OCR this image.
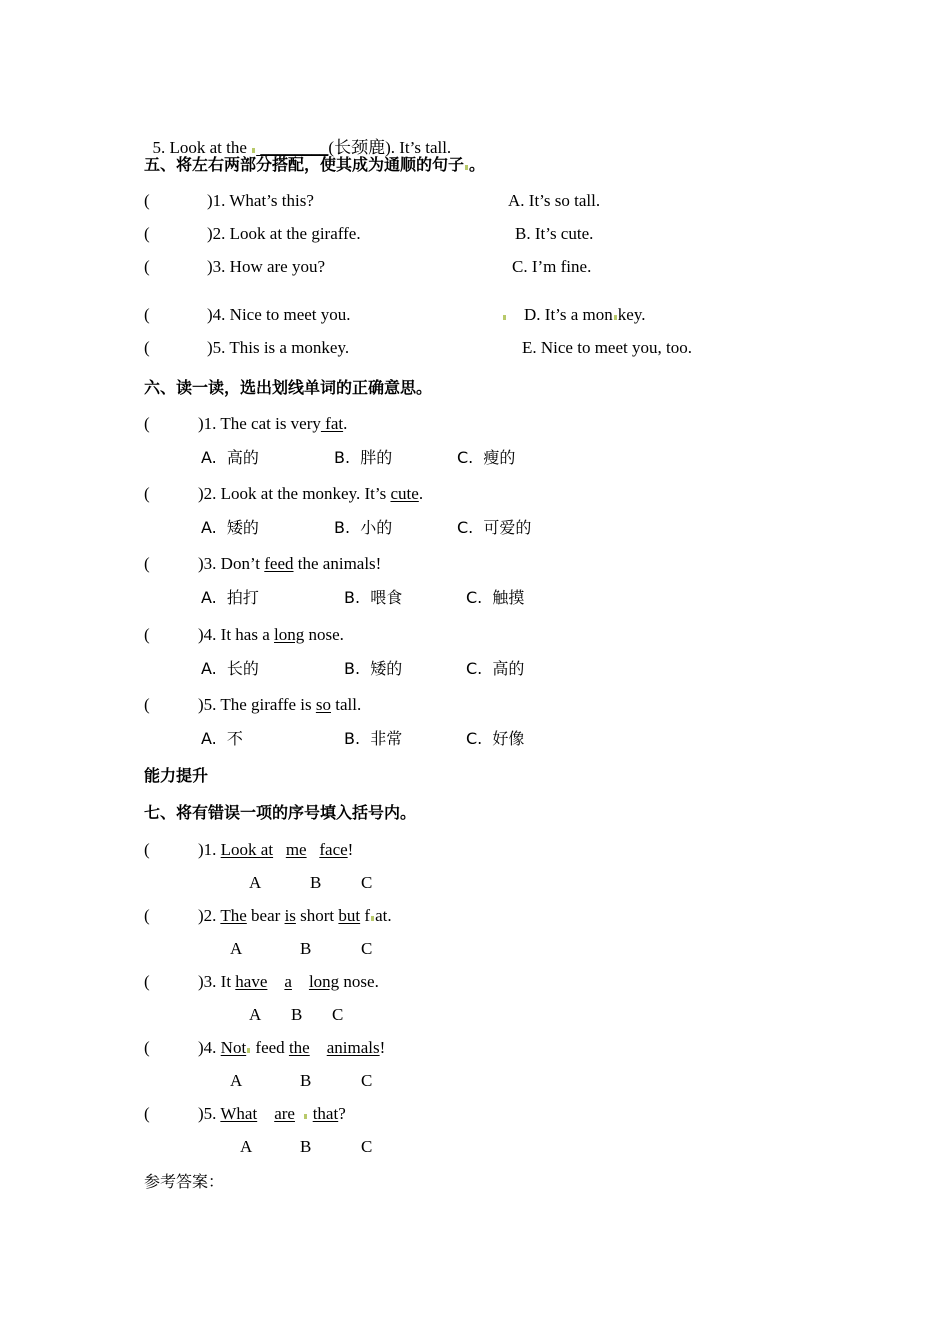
5. Look at the  ________(长颈鹿). It’s tall.

五、将左右两部分搭配，使其成为通顺的句子 。
(	)1. What’s this?	A. It’s so tall.
(	)2. Look at the giraffe.	B. It’s cute.
(	)3. How are you?	C. I’m fine.
(	)4. Nice to meet you.	D. It’s a mon key.
(	)5. This is a monkey.	E. Nice to meet you, too.
六、读一读，选出划线单词的正确意思。
(	)1. The cat is very fat.
A.  高的	B.  胖的	C.  瘦的
(	)2. Look at the monkey. It’s cute.
A.  矮的	B.  小的	C.  可爱的
(	)3. Don’t feed the animals!
A.  拍打	B.  喂食	C.  触摸
(	)4. It has a long nose.
A.  长的	B.  矮的	C.  高的
(	)5. The giraffe is so tall.
A.  不	B.  非常	C.  好像
能力提升
七、将有错误一项的序号填入括号内。
(	)1. Look at me face!
A	B C
(	)2. The bear is short but f at.
A	B	C
(	)3. It have a long nose.
A B C
(	)4. Not feed the animals!
A	B	C
(	)5. What are that?
A	B	C
参考答案：
